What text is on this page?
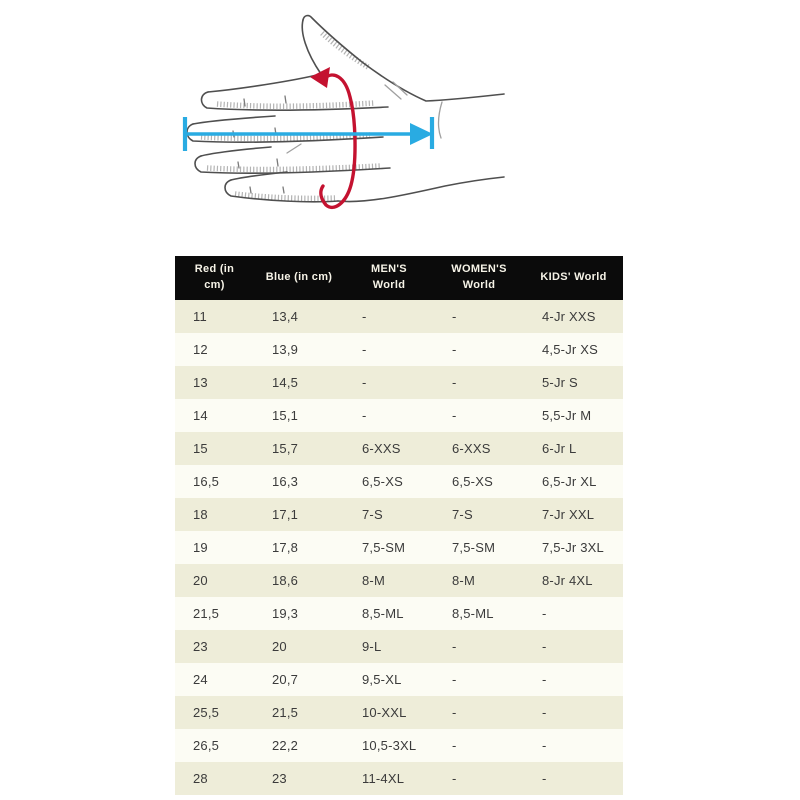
Red (in cm)	Blue (in cm)	MEN'S World	WOMEN'S World	KIDS' World
11	13,4	-	-	4-Jr XXS
12	13,9	-	-	4,5-Jr XS
13	14,5	-	-	5-Jr S
14	15,1	-	-	5,5-Jr M
15	15,7	6-XXS	6-XXS	6-Jr L
16,5	16,3	6,5-XS	6,5-XS	6,5-Jr XL
18	17,1	7-S	7-S	7-Jr XXL
19	17,8	7,5-SM	7,5-SM	7,5-Jr 3XL
20	18,6	8-M	8-M	8-Jr 4XL
21,5	19,3	8,5-ML	8,5-ML	-
23	20	9-L	-	-
24	20,7	9,5-XL	-	-
25,5	21,5	10-XXL	-	-
26,5	22,2	10,5-3XL	-	-
28	23	11-4XL	-	-
